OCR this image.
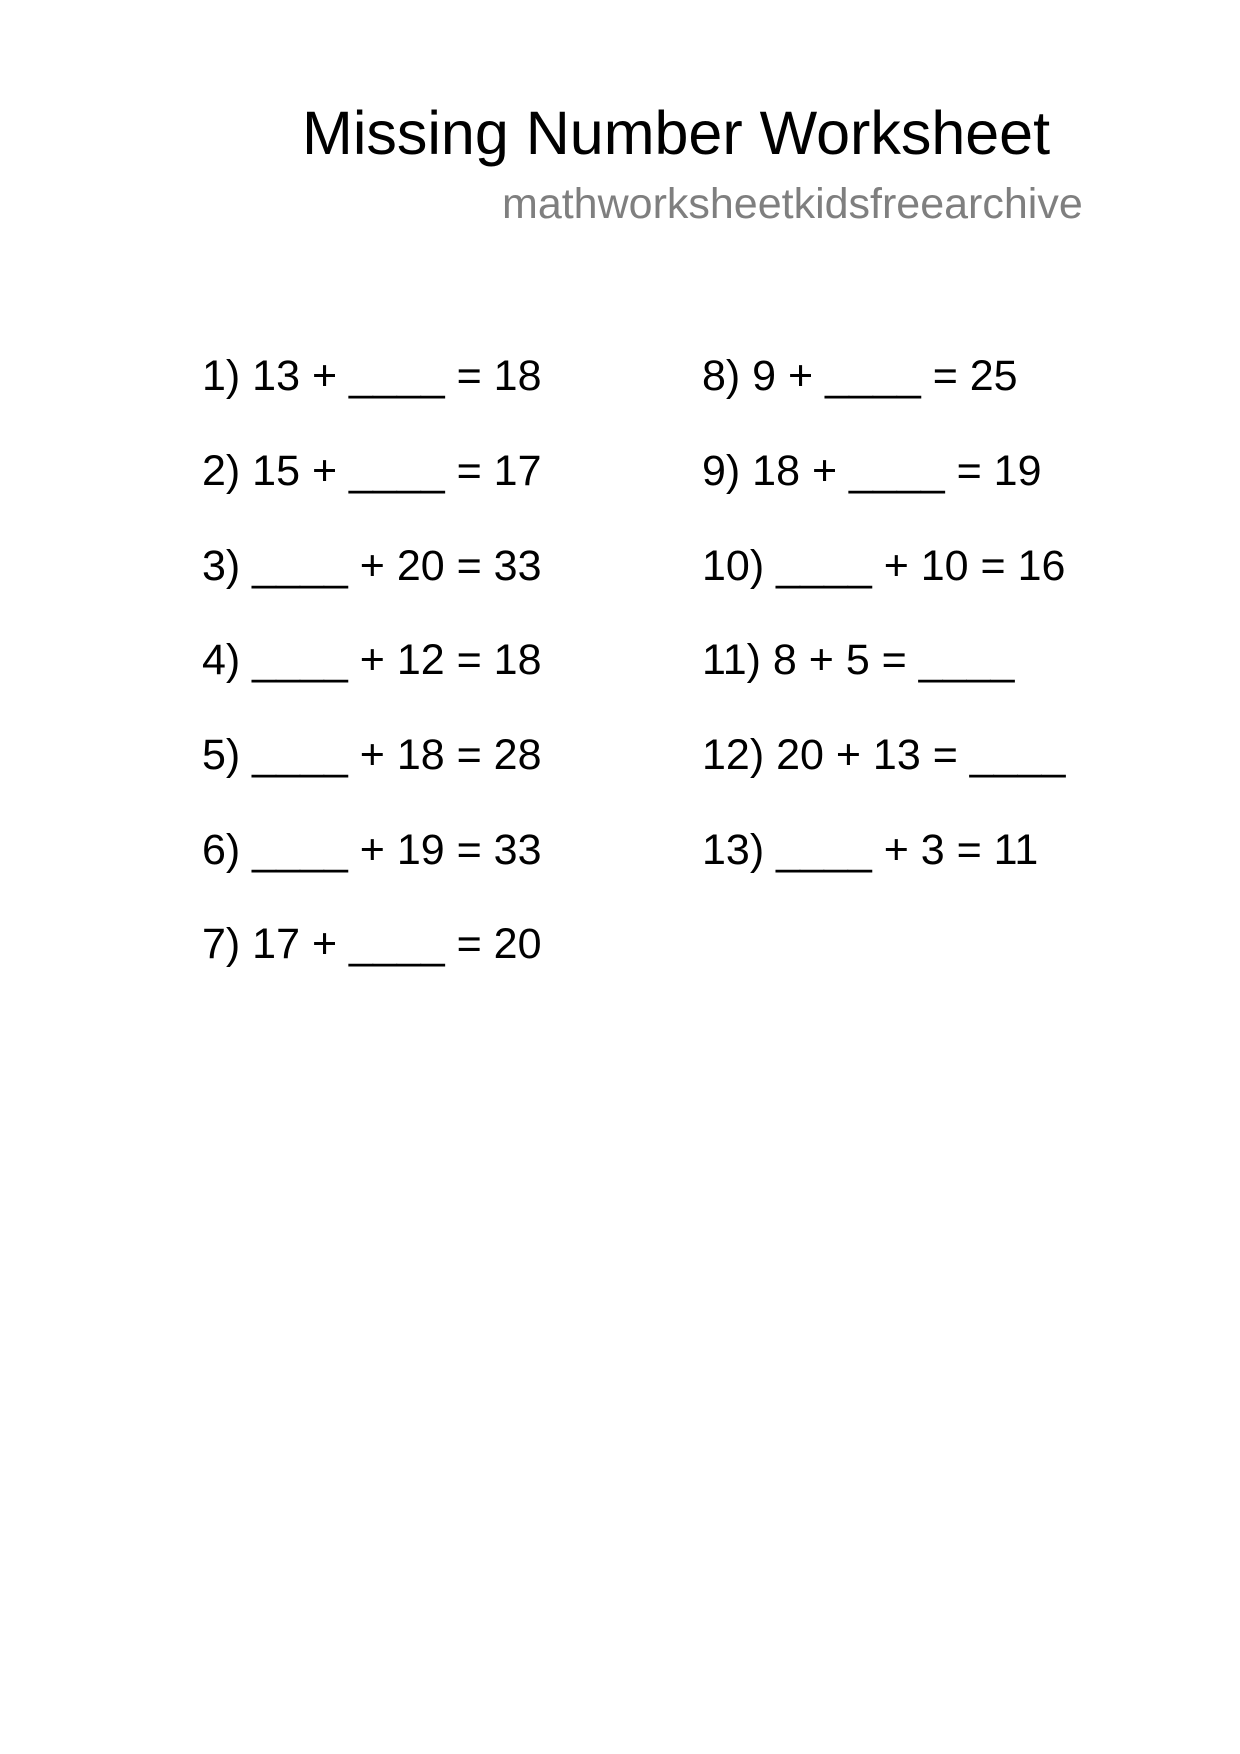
Missing Number Worksheet
mathworksheetkidsfreearchive
1) 13 + ____ = 18
2) 15 + ____ = 17
3) ____ + 20 = 33
4) ____ + 12 = 18
5) ____ + 18 = 28
6) ____ + 19 = 33
7) 17 + ____ = 20
8) 9 + ____ = 25
9) 18 + ____ = 19
10) ____ + 10 = 16
11) 8 + 5 = ____
12) 20 + 13 = ____
13) ____ + 3 = 11
